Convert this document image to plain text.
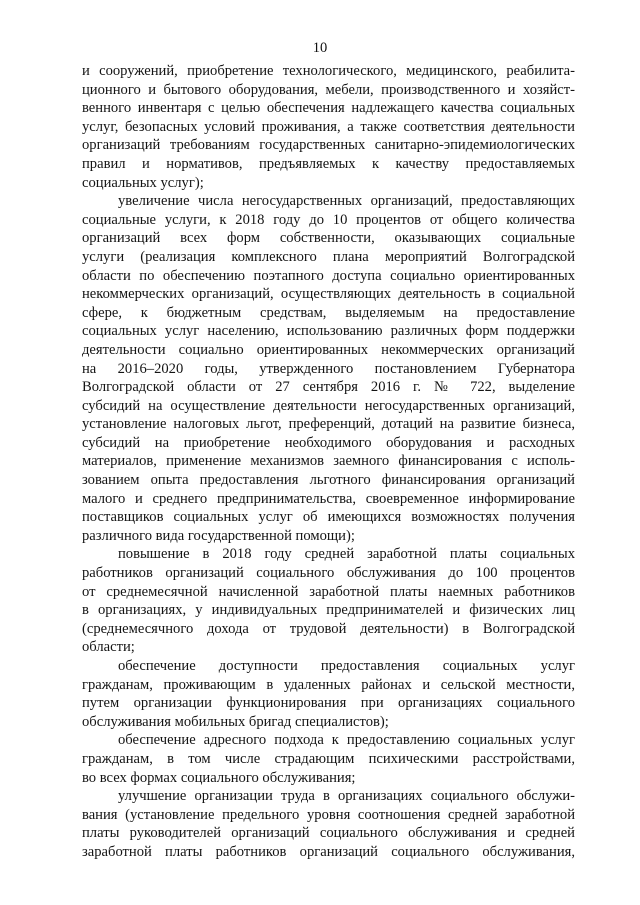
10

и сооружений, приобретение технологического, медицинского, реабилита-
ционного и бытового оборудования, мебели, производственного и хозяйст-
венного инвентаря с целью обеспечения надлежащего качества социальных
услуг, безопасных условий проживания, а также соответствия деятельности
организаций требованиям государственных санитарно-эпидемиологических
правил и нормативов, предъявляемых к качеству предоставляемых
социальных услуг);

увеличение числа негосударственных организаций, предоставляющих
социальные услуги, к 2018 году до 10 процентов от общего количества
организаций всех форм собственности, оказывающих социальные
услуги (реализация комплексного плана мероприятий Волгоградской
области по обеспечению поэтапного доступа социально ориентированных
некоммерческих организаций, осуществляющих деятельность в социальной
сфере, к бюджетным средствам, выделяемым на предоставление
социальных услуг населению, использованию различных форм поддержки
деятельности социально ориентированных некоммерческих организаций
на 2016–2020 годы, утвержденного постановлением Губернатора
Волгоградской области от 27 сентября 2016 г. № 722, выделение
субсидий на осуществление деятельности негосударственных организаций,
установление налоговых льгот, преференций, дотаций на развитие бизнеса,
субсидий на приобретение необходимого оборудования и расходных
материалов, применение механизмов заемного финансирования с исполь-
зованием опыта предоставления льготного финансирования организаций
малого и среднего предпринимательства, своевременное информирование
поставщиков социальных услуг об имеющихся возможностях получения
различного вида государственной помощи);

повышение в 2018 году средней заработной платы социальных
работников организаций социального обслуживания до 100 процентов
от среднемесячной начисленной заработной платы наемных работников
в организациях, у индивидуальных предпринимателей и физических лиц
(среднемесячного дохода от трудовой деятельности) в Волгоградской
области;

обеспечение доступности предоставления социальных услуг
гражданам, проживающим в удаленных районах и сельской местности,
путем организации функционирования при организациях социального
обслуживания мобильных бригад специалистов);

обеспечение адресного подхода к предоставлению социальных услуг
гражданам, в том числе страдающим психическими расстройствами,
во всех формах социального обслуживания;

улучшение организации труда в организациях социального обслужи-
вания (установление предельного уровня соотношения средней заработной
платы руководителей организаций социального обслуживания и средней
заработной платы работников организаций социального обслуживания,
